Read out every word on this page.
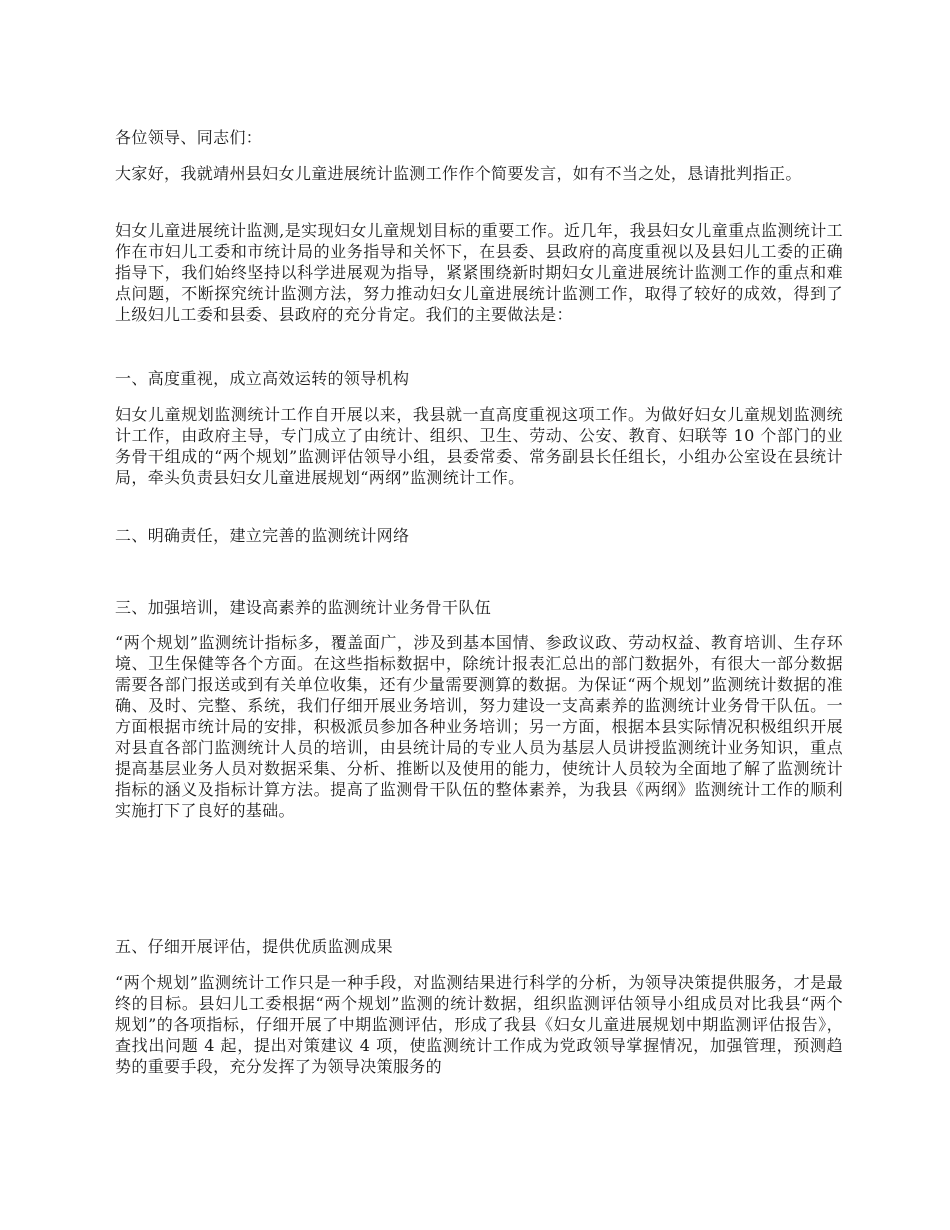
各位领导、同志们：

大家好，我就靖州县妇女儿童进展统计监测工作作个简要发言，如有不当之处，恳请批判指正。

妇女儿童进展统计监测,是实现妇女儿童规划目标的重要工作。近几年，我县妇女儿童重点监测统计工作在市妇儿工委和市统计局的业务指导和关怀下，在县委、县政府的高度重视以及县妇儿工委的正确指导下，我们始终坚持以科学进展观为指导，紧紧围绕新时期妇女儿童进展统计监测工作的重点和难点问题，不断探究统计监测方法，努力推动妇女儿童进展统计监测工作，取得了较好的成效，得到了上级妇儿工委和县委、县政府的充分肯定。我们的主要做法是：

一、高度重视，成立高效运转的领导机构

妇女儿童规划监测统计工作自开展以来，我县就一直高度重视这项工作。为做好妇女儿童规划监测统计工作，由政府主导，专门成立了由统计、组织、卫生、劳动、公安、教育、妇联等 10 个部门的业务骨干组成的“两个规划”监测评估领导小组，县委常委、常务副县长任组长，小组办公室设在县统计局，牵头负责县妇女儿童进展规划“两纲”监测统计工作。

二、明确责任，建立完善的监测统计网络

三、加强培训，建设高素养的监测统计业务骨干队伍

“两个规划”监测统计指标多，覆盖面广，涉及到基本国情、参政议政、劳动权益、教育培训、生存环境、卫生保健等各个方面。在这些指标数据中，除统计报表汇总出的部门数据外，有很大一部分数据需要各部门报送或到有关单位收集，还有少量需要测算的数据。为保证“两个规划”监测统计数据的准确、及时、完整、系统，我们仔细开展业务培训，努力建设一支高素养的监测统计业务骨干队伍。一方面根据市统计局的安排，积极派员参加各种业务培训；另一方面，根据本县实际情况积极组织开展对县直各部门监测统计人员的培训，由县统计局的专业人员为基层人员讲授监测统计业务知识，重点提高基层业务人员对数据采集、分析、推断以及使用的能力，使统计人员较为全面地了解了监测统计指标的涵义及指标计算方法。提高了监测骨干队伍的整体素养，为我县《两纲》监测统计工作的顺利实施打下了良好的基础。

五、仔细开展评估，提供优质监测成果

“两个规划”监测统计工作只是一种手段，对监测结果进行科学的分析，为领导决策提供服务，才是最终的目标。县妇儿工委根据“两个规划”监测的统计数据，组织监测评估领导小组成员对比我县“两个规划”的各项指标，仔细开展了中期监测评估，形成了我县《妇女儿童进展规划中期监测评估报告》，查找出问题 4 起，提出对策建议 4 项，使监测统计工作成为党政领导掌握情况，加强管理，预测趋势的重要手段，充分发挥了为领导决策服务的
